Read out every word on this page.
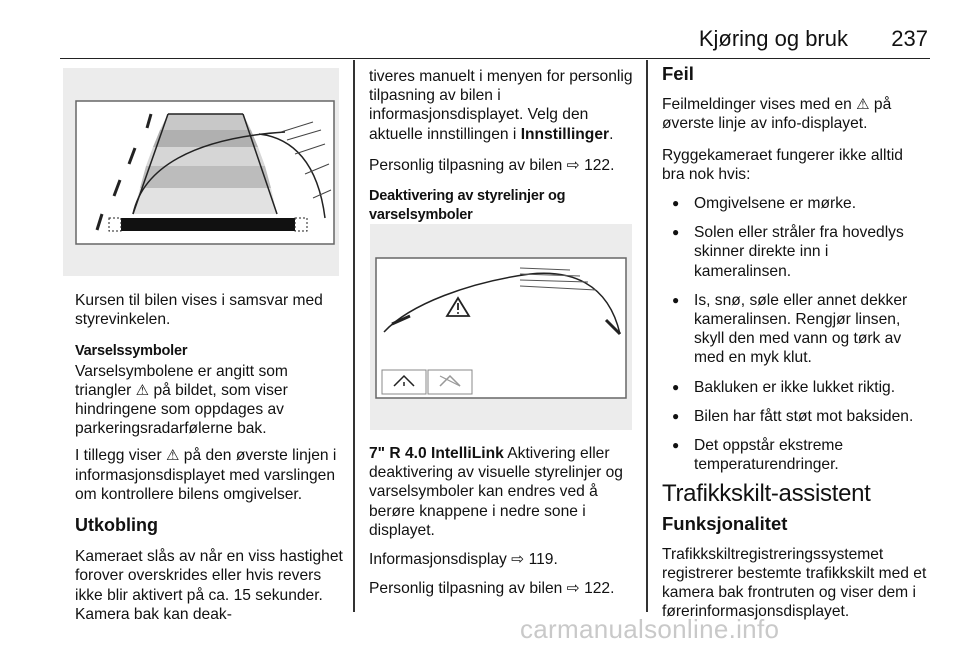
Kjøring og bruk 237

Kursen til bilen vises i samsvar med styrevinkelen.

Varselssymboler
Varselsymbolene er angitt som triangler ⚠ på bildet, som viser hindringene som oppdages av parkeringsradarfølerne bak.

I tillegg viser ⚠ på den øverste linjen i informasjonsdisplayet med varslingen om kontrollere bilens omgivelser.

Utkobling

Kameraet slås av når en viss hastighet forover overskrides eller hvis revers ikke blir aktivert på ca. 15 sekunder. Kamera bak kan deak-

tiveres manuelt i menyen for personlig tilpasning av bilen i informasjonsdisplayet. Velg den aktuelle innstillingen i Innstillinger.

Personlig tilpasning av bilen ⇨ 122.

Deaktivering av styrelinjer og varselsymboler

7" R 4.0 IntelliLink Aktivering eller deaktivering av visuelle styrelinjer og varselsymboler kan endres ved å berøre knappene i nedre sone i displayet.

Informasjonsdisplay ⇨ 119.

Personlig tilpasning av bilen ⇨ 122.

Feil

Feilmeldinger vises med en ⚠ på øverste linje av info-displayet.

Ryggekameraet fungerer ikke alltid bra nok hvis:

● Omgivelsene er mørke.
● Solen eller stråler fra hovedlys skinner direkte inn i kameralinsen.
● Is, snø, søle eller annet dekker kameralinsen. Rengjør linsen, skyll den med vann og tørk av med en myk klut.
● Bakluken er ikke lukket riktig.
● Bilen har fått støt mot baksiden.
● Det oppstår ekstreme temperaturendringer.
Trafikkskilt-assistent
Funksjonalitet

Trafikkskiltregistreringssystemet registrerer bestemte trafikkskilt med et kamera bak frontruten og viser dem i førerinformasjonsdisplayet.

carmanualsonline.info
